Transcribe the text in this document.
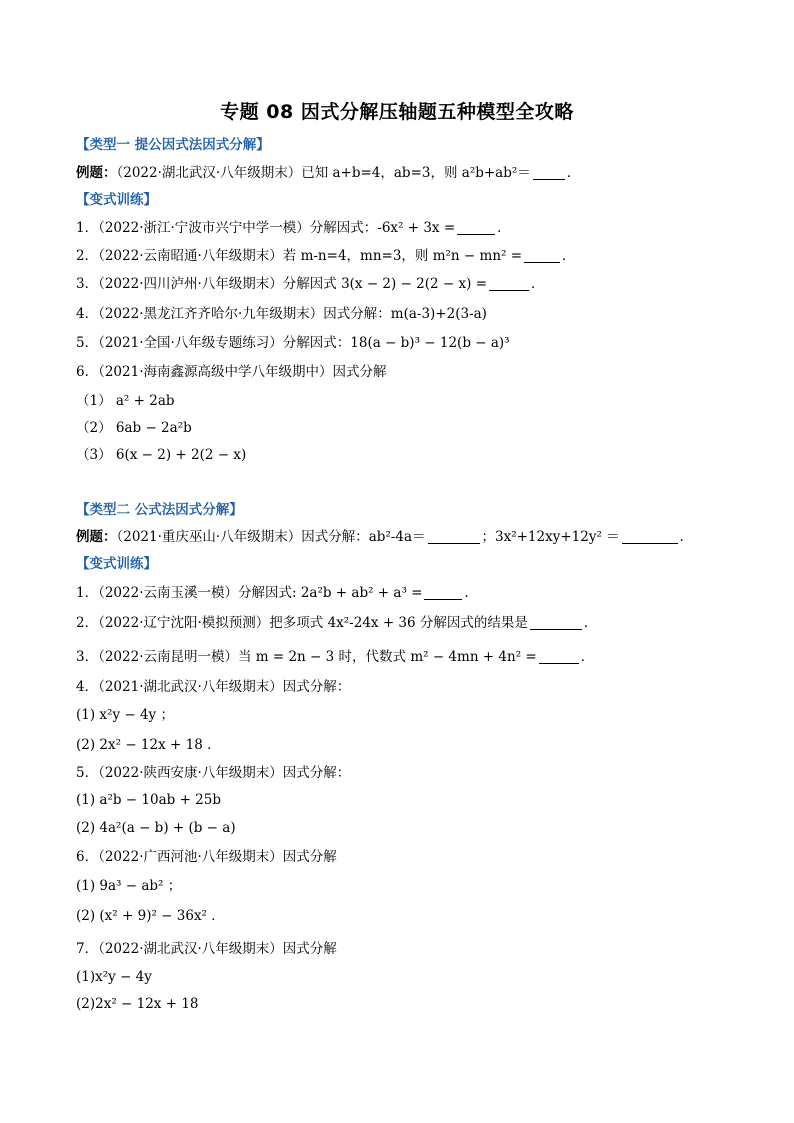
专题 08 因式分解压轴题五种模型全攻略
【类型一 提公因式法因式分解】
例题：（2022·湖北武汉·八年级期末）已知 a+b=4，ab=3，则 a²b+ab²＝	．
【变式训练】
1．（2022·浙江·宁波市兴宁中学一模）分解因式：-6x² + 3x =	．
2．（2022·云南昭通·八年级期末）若 m-n=4，mn=3，则 m²n − mn² =	．
3．（2022·四川泸州·八年级期末）分解因式 3(x − 2) − 2(2 − x) =	．
4．（2022·黑龙江齐齐哈尔·九年级期末）因式分解：m(a-3)+2(3-a)
5．（2021·全国·八年级专题练习）分解因式：18(a − b)³ − 12(b − a)³
6．（2021·海南鑫源高级中学八年级期中）因式分解
（1） a² + 2ab
（2） 6ab − 2a²b
（3） 6(x − 2) + 2(2 − x)
【类型二 公式法因式分解】
例题：（2021·重庆巫山·八年级期末）因式分解：ab²-4a＝	；3x²+12xy+12y² ＝	．
【变式训练】
1．（2022·云南玉溪一模）分解因式: 2a²b + ab² + a³ =	．
2．（2022·辽宁沈阳·模拟预测）把多项式 4x²-24x + 36 分解因式的结果是	．
3．（2022·云南昆明一模）当 m = 2n − 3 时，代数式 m² − 4mn + 4n² =	．
4．（2021·湖北武汉·八年级期末）因式分解：
(1) x²y − 4y ；
(2) 2x² − 12x + 18 ．
5．（2022·陕西安康·八年级期末）因式分解：
(1) a²b − 10ab + 25b
(2) 4a²(a − b) + (b − a)
6．（2022·广西河池·八年级期末）因式分解
(1) 9a³ − ab² ；
(2) (x² + 9)² − 36x² ．
7．（2022·湖北武汉·八年级期末）因式分解
(1)x²y − 4y
(2)2x² − 12x + 18
